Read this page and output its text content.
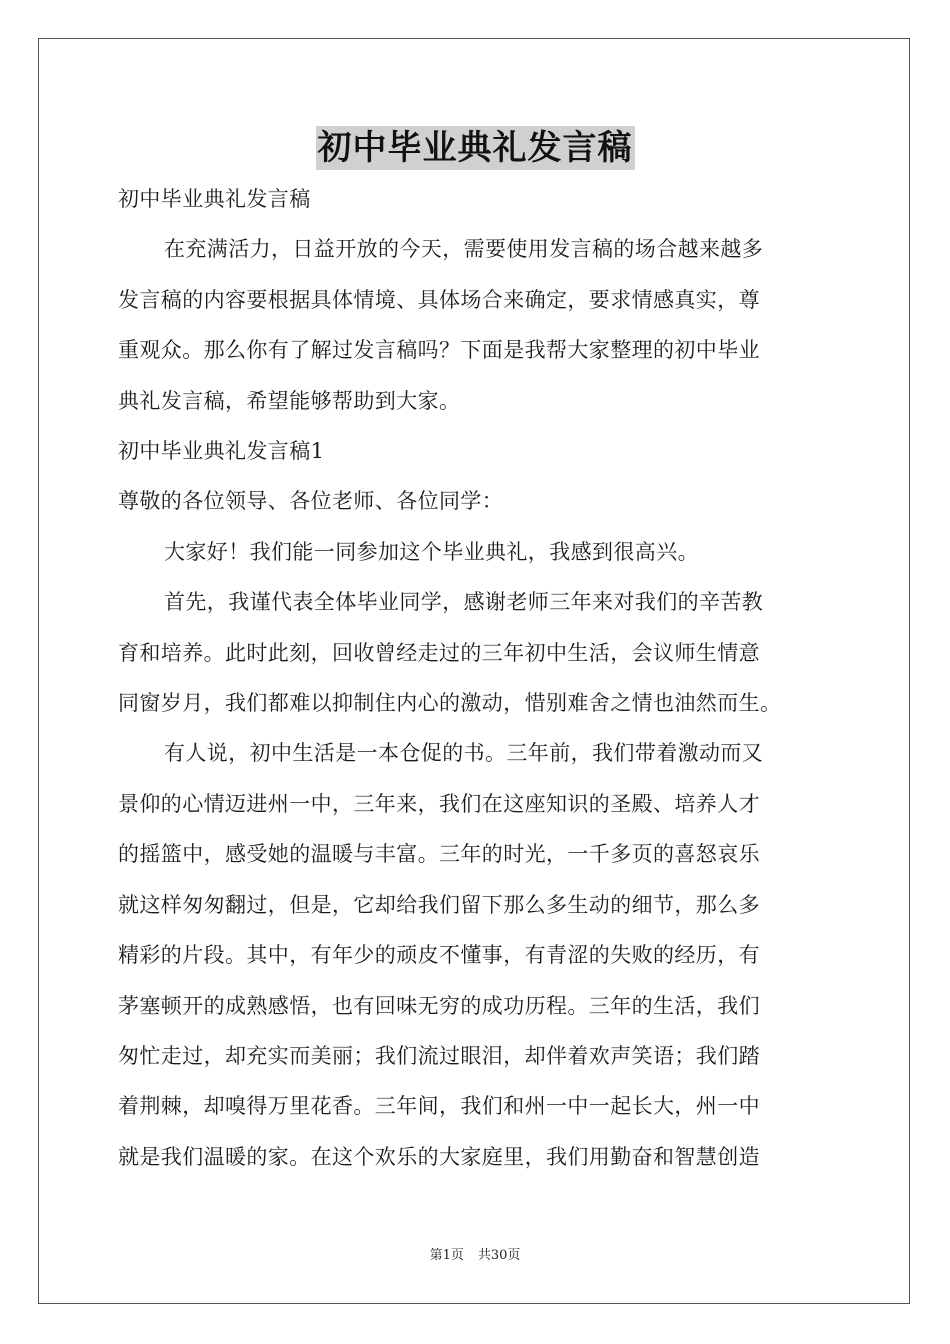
初中毕业典礼发言稿

初中毕业典礼发言稿

在充满活力，日益开放的今天，需要使用发言稿的场合越来越多

发言稿的内容要根据具体情境、具体场合来确定，要求情感真实，尊

重观众。那么你有了解过发言稿吗？下面是我帮大家整理的初中毕业

典礼发言稿，希望能够帮助到大家。

初中毕业典礼发言稿1

尊敬的各位领导、各位老师、各位同学：

大家好！我们能一同参加这个毕业典礼，我感到很高兴。

首先，我谨代表全体毕业同学，感谢老师三年来对我们的辛苦教

育和培养。此时此刻，回收曾经走过的三年初中生活，会议师生情意

同窗岁月，我们都难以抑制住内心的激动，惜别难舍之情也油然而生。

有人说，初中生活是一本仓促的书。三年前，我们带着激动而又

景仰的心情迈进州一中，三年来，我们在这座知识的圣殿、培养人才

的摇篮中，感受她的温暖与丰富。三年的时光，一千多页的喜怒哀乐

就这样匆匆翻过，但是，它却给我们留下那么多生动的细节，那么多

精彩的片段。其中，有年少的顽皮不懂事，有青涩的失败的经历，有

茅塞顿开的成熟感悟，也有回味无穷的成功历程。三年的生活，我们

匆忙走过，却充实而美丽；我们流过眼泪，却伴着欢声笑语；我们踏

着荆棘，却嗅得万里花香。三年间，我们和州一中一起长大，州一中

就是我们温暖的家。在这个欢乐的大家庭里，我们用勤奋和智慧创造

第1页 共30页
